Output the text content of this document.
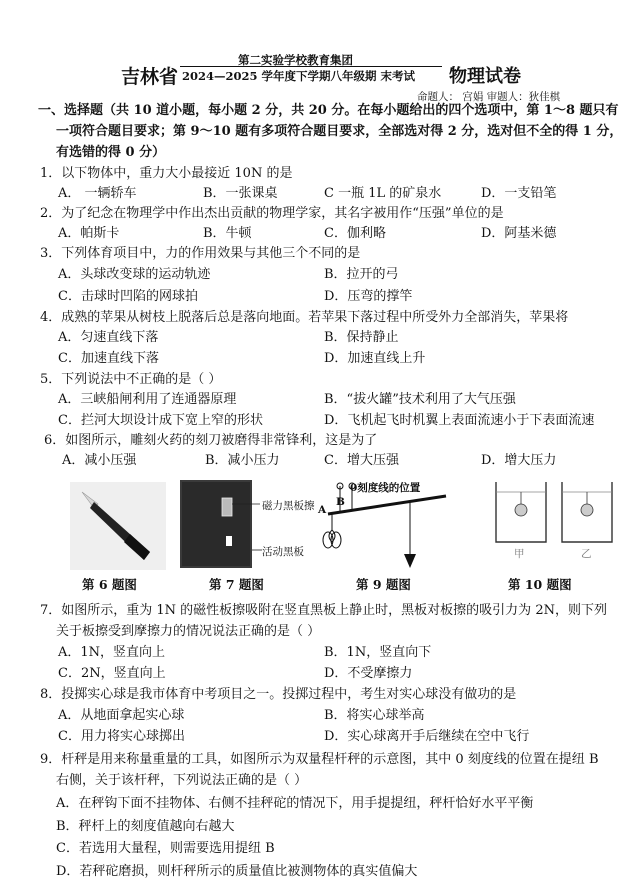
吉林省
第二实验学校教育集团
2024—2025 学年度下学期八年级期 末考试 物理试卷
命题人： 宫娟 审题人：狄佳棋
一、选择题（共 10 道小题，每小题 2 分，共 20 分。在每小题给出的四个选项中，第 1～8 题只有
一项符合题目要求；第 9～10 题有多项符合题目要求，全部选对得 2 分，选对但不全的得 1 分，
有选错的得 0 分）
1．以下物体中，重力大小最接近 10N 的是
A． 一辆轿车	B．一张课桌	C 一瓶 1L 的矿泉水	D．一支铅笔
2．为了纪念在物理学中作出杰出贡献的物理学家，其名字被用作“压强”单位的是
A．帕斯卡	B．牛顿	C．伽利略	D．阿基米德
3．下列体育项目中，力的作用效果与其他三个不同的是
A．头球改变球的运动轨迹	B．拉开的弓
C．击球时凹陷的网球拍	D．压弯的撑竿
4．成熟的苹果从树枝上脱落后总是落向地面。若苹果下落过程中所受外力全部消失，苹果将
A．匀速直线下落	B．保持静止
C．加速直线下落	D．加速直线上升
5．下列说法中不正确的是（ ）
A．三峡船闸利用了连通器原理	B．“拔火罐”技术利用了大气压强
C．拦河大坝设计成下宽上窄的形状	D．飞机起飞时机翼上表面流速小于下表面流速
6．如图所示，雕刻火药的刻刀被磨得非常锋利，这是为了
A．减小压强	B．减小压力	C．增大压强	D．增大压力
第 6 题图
磁力黑板擦
活动黑板
第 7 题图
0刻度线的位置
A
B
第 9 题图
甲	乙
第 10 题图
7．如图所示，重为 1N 的磁性板擦吸附在竖直黑板上静止时，黑板对板擦的吸引力为 2N，则下列
关于板擦受到摩擦力的情况说法正确的是（ ）
A．1N，竖直向上	B．1N，竖直向下
C．2N，竖直向上	D．不受摩擦力
8．投掷实心球是我市体育中考项目之一。投掷过程中，考生对实心球没有做功的是
A．从地面拿起实心球	B．将实心球举高
C．用力将实心球掷出	D．实心球离开手后继续在空中飞行
9．杆秤是用来称量重量的工具，如图所示为双量程杆秤的示意图，其中 0 刻度线的位置在提纽 B
右侧，关于该杆秤，下列说法正确的是（ ）
A．在秤钩下面不挂物体、右侧不挂秤砣的情况下，用手提提纽，秤杆恰好水平平衡
B．秤杆上的刻度值越向右越大
C．若选用大量程，则需要选用提纽 B
D．若秤砣磨损，则杆秤所示的质量值比被测物体的真实值偏大
